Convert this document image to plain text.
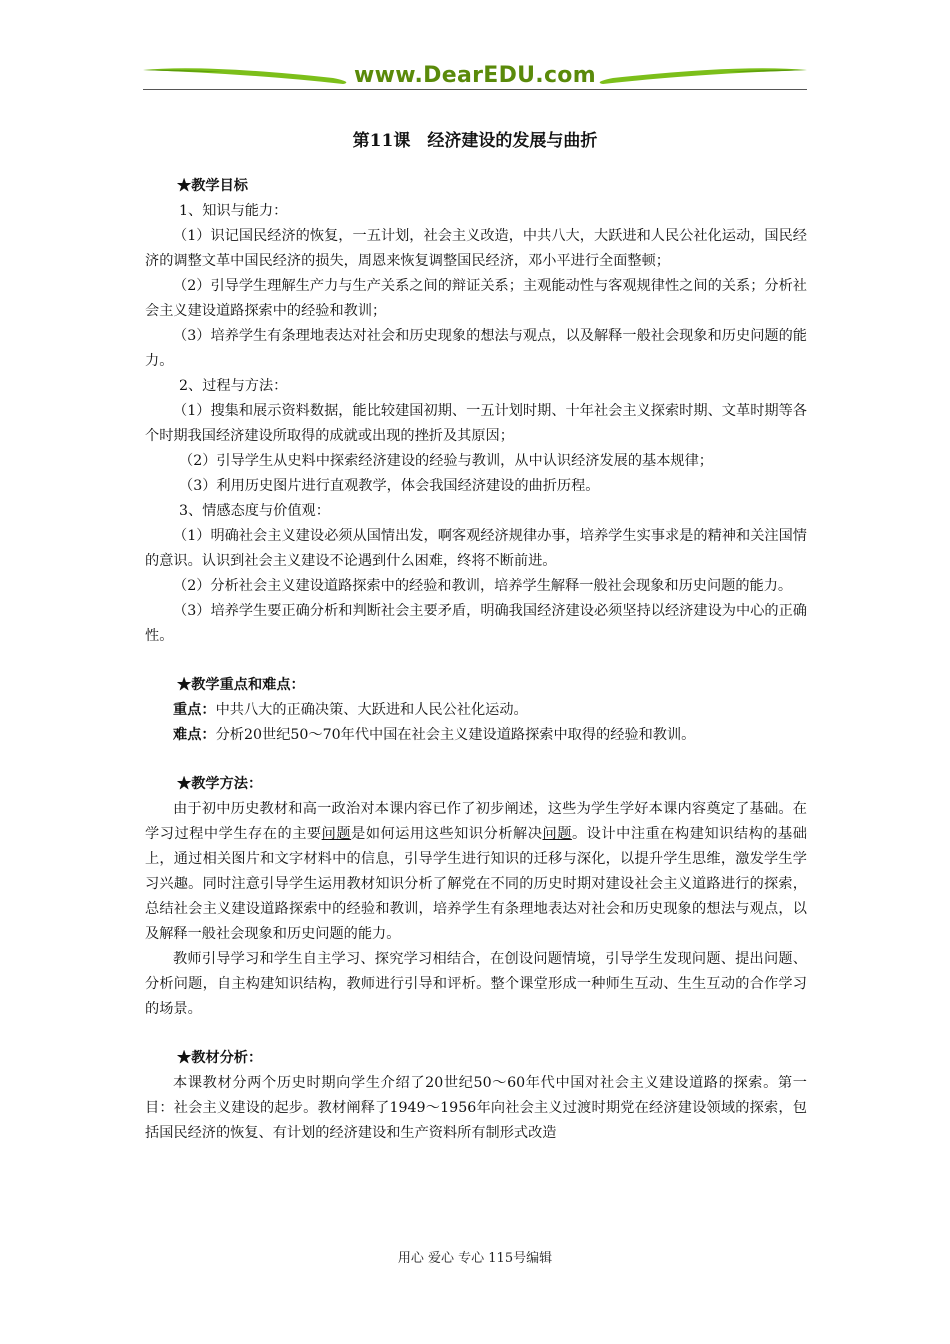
www.DearEDU.com
第11课　经济建设的发展与曲折

★教学目标

1、知识与能力：

（1）识记国民经济的恢复，一五计划，社会主义改造，中共八大，大跃进和人民公社化运动，国民经济的调整文革中国民经济的损失，周恩来恢复调整国民经济，邓小平进行全面整顿；

（2）引导学生理解生产力与生产关系之间的辩证关系；主观能动性与客观规律性之间的关系；分析社会主义建设道路探索中的经验和教训；

（3）培养学生有条理地表达对社会和历史现象的想法与观点，以及解释一般社会现象和历史问题的能力。

2、过程与方法：

（1）搜集和展示资料数据，能比较建国初期、一五计划时期、十年社会主义探索时期、文革时期等各个时期我国经济建设所取得的成就或出现的挫折及其原因；

（2）引导学生从史料中探索经济建设的经验与教训，从中认识经济发展的基本规律；

（3）利用历史图片进行直观教学，体会我国经济建设的曲折历程。

3、情感态度与价值观：

（1）明确社会主义建设必须从国情出发，啊客观经济规律办事，培养学生实事求是的精神和关注国情的意识。认识到社会主义建设不论遇到什么困难，终将不断前进。

（2）分析社会主义建设道路探索中的经验和教训，培养学生解释一般社会现象和历史问题的能力。

（3）培养学生要正确分析和判断社会主要矛盾，明确我国经济建设必须坚持以经济建设为中心的正确性。

★教学重点和难点：

重点：中共八大的正确决策、大跃进和人民公社化运动。

难点：分析20世纪50～70年代中国在社会主义建设道路探索中取得的经验和教训。

★教学方法：

由于初中历史教材和高一政治对本课内容已作了初步阐述，这些为学生学好本课内容奠定了基础。在学习过程中学生存在的主要问题是如何运用这些知识分析解决问题。设计中注重在构建知识结构的基础上，通过相关图片和文字材料中的信息，引导学生进行知识的迁移与深化，以提升学生思维，激发学生学习兴趣。同时注意引导学生运用教材知识分析了解党在不同的历史时期对建设社会主义道路进行的探索，总结社会主义建设道路探索中的经验和教训，培养学生有条理地表达对社会和历史现象的想法与观点，以及解释一般社会现象和历史问题的能力。

教师引导学习和学生自主学习、探究学习相结合，在创设问题情境，引导学生发现问题、提出问题、分析问题，自主构建知识结构，教师进行引导和评析。整个课堂形成一种师生互动、生生互动的合作学习的场景。

★教材分析：

本课教材分两个历史时期向学生介绍了20世纪50～60年代中国对社会主义建设道路的探索。第一目：社会主义建设的起步。教材阐释了1949～1956年向社会主义过渡时期党在经济建设领域的探索，包括国民经济的恢复、有计划的经济建设和生产资料所有制形式改造

用心 爱心 专心 115号编辑
